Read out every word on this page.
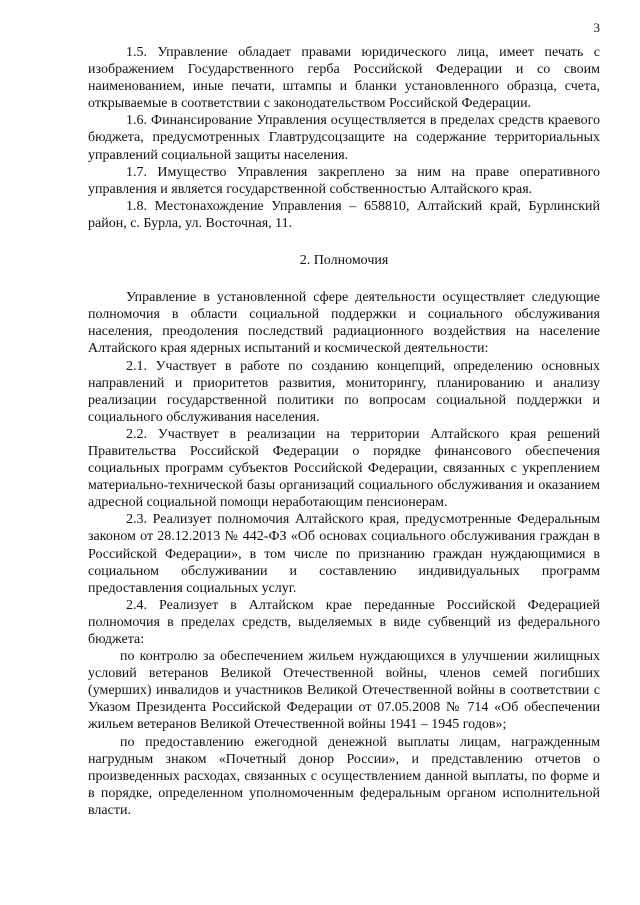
3

1.5. Управление обладает правами юридического лица, имеет печать с изображением Государственного герба Российской Федерации и со своим наименованием, иные печати, штампы и бланки установленного образца, счета, открываемые в соответствии с законодательством Российской Федерации.

1.6. Финансирование Управления осуществляется в пределах средств краевого бюджета, предусмотренных Главтрудсоцзащите на содержание территориальных управлений социальной защиты населения.

1.7. Имущество Управления закреплено за ним на праве оперативного управления и является государственной собственностью Алтайского края.

1.8. Местонахождение Управления – 658810, Алтайский край, Бурлинский район, с. Бурла, ул. Восточная, 11.

2. Полномочия

Управление в установленной сфере деятельности осуществляет следующие полномочия в области социальной поддержки и социального обслуживания населения, преодоления последствий радиационного воздействия на население Алтайского края ядерных испытаний и космической деятельности:

2.1. Участвует в работе по созданию концепций, определению основных направлений и приоритетов развития, мониторингу, планированию и анализу реализации государственной политики по вопросам социальной поддержки и социального обслуживания населения.

2.2. Участвует в реализации на территории Алтайского края решений Правительства Российской Федерации о порядке финансового обеспечения социальных программ субъектов Российской Федерации, связанных с укреплением материально-технической базы организаций социального обслуживания и оказанием адресной социальной помощи неработающим пенсионерам.

2.3. Реализует полномочия Алтайского края, предусмотренные Федеральным законом от 28.12.2013 № 442-ФЗ «Об основах социального обслуживания граждан в Российской Федерации», в том числе по признанию граждан нуждающимися в социальном обслуживании и составлению индивидуальных программ предоставления социальных услуг.

2.4. Реализует в Алтайском крае переданные Российской Федерацией полномочия в пределах средств, выделяемых в виде субвенций из федерального бюджета:

по контролю за обеспечением жильем нуждающихся в улучшении жилищных условий ветеранов Великой Отечественной войны, членов семей погибших (умерших) инвалидов и участников Великой Отечественной войны в соответствии с Указом Президента Российской Федерации от 07.05.2008 № 714 «Об обеспечении жильем ветеранов Великой Отечественной войны 1941 – 1945 годов»;

по предоставлению ежегодной денежной выплаты лицам, награжденным нагрудным знаком «Почетный донор России», и представлению отчетов о произведенных расходах, связанных с осуществлением данной выплаты, по форме и в порядке, определенном уполномоченным федеральным органом исполнительной власти.
